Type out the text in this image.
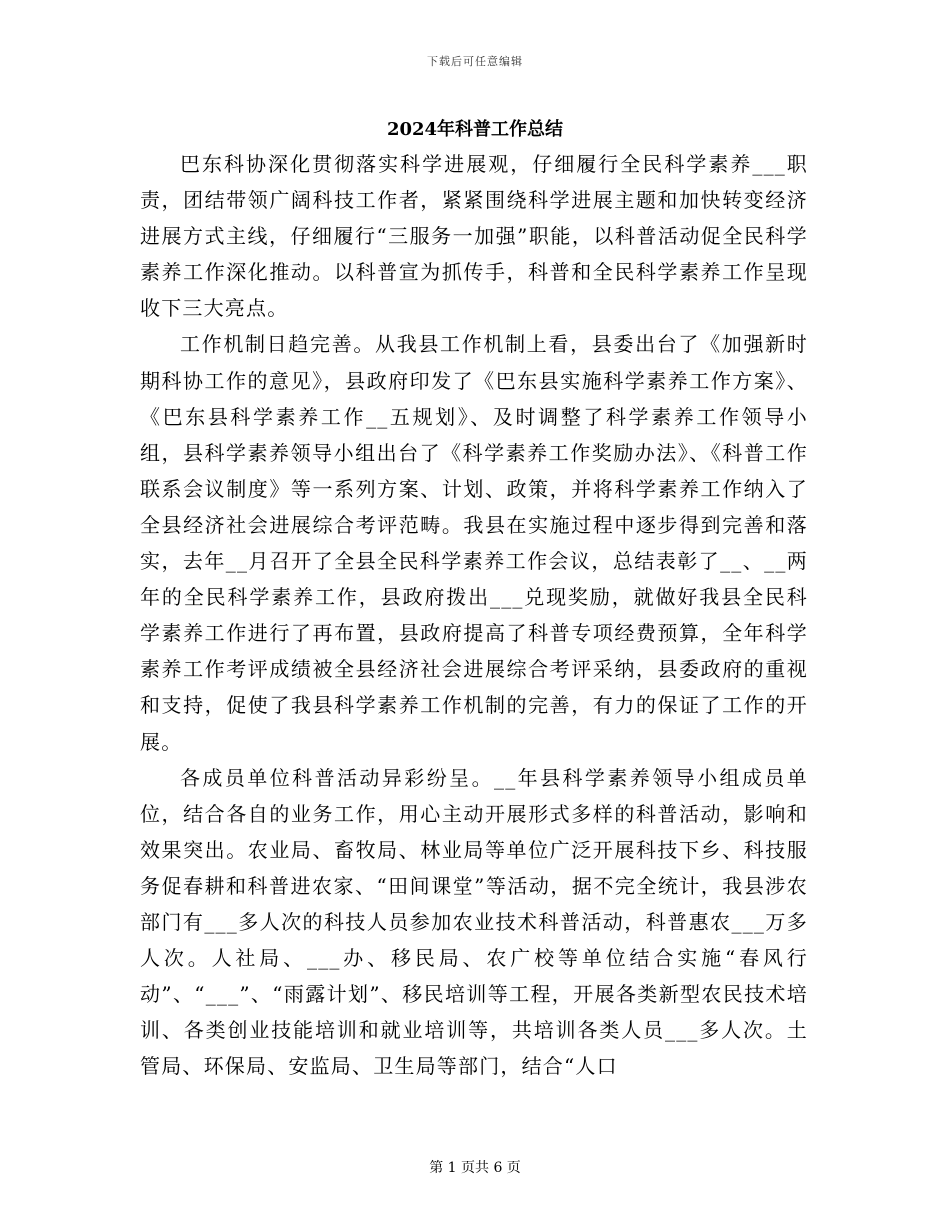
下载后可任意编辑
2024年科普工作总结

巴东科协深化贯彻落实科学进展观，仔细履行全民科学素养___职责，团结带领广阔科技工作者，紧紧围绕科学进展主题和加快转变经济进展方式主线，仔细履行“三服务一加强”职能，以科普活动促全民科学素养工作深化推动。以科普宣为抓传手，科普和全民科学素养工作呈现收下三大亮点。

工作机制日趋完善。从我县工作机制上看，县委出台了《加强新时期科协工作的意见》，县政府印发了《巴东县实施科学素养工作方案》、《巴东县科学素养工作__五规划》、及时调整了科学素养工作领导小组，县科学素养领导小组出台了《科学素养工作奖励办法》、《科普工作联系会议制度》等一系列方案、计划、政策，并将科学素养工作纳入了全县经济社会进展综合考评范畴。我县在实施过程中逐步得到完善和落实，去年__月召开了全县全民科学素养工作会议，总结表彰了__、__两年的全民科学素养工作，县政府拨出___兑现奖励，就做好我县全民科学素养工作进行了再布置，县政府提高了科普专项经费预算，全年科学素养工作考评成绩被全县经济社会进展综合考评采纳，县委政府的重视和支持，促使了我县科学素养工作机制的完善，有力的保证了工作的开展。

各成员单位科普活动异彩纷呈。__年县科学素养领导小组成员单位，结合各自的业务工作，用心主动开展形式多样的科普活动，影响和效果突出。农业局、畜牧局、林业局等单位广泛开展科技下乡、科技服务促春耕和科普进农家、“田间课堂”等活动，据不完全统计，我县涉农部门有___多人次的科技人员参加农业技术科普活动，科普惠农___万多人次。人社局、___办、移民局、农广校等单位结合实施“春风行动”、“___”、“雨露计划”、移民培训等工程，开展各类新型农民技术培训、各类创业技能培训和就业培训等，共培训各类人员___多人次。土管局、环保局、安监局、卫生局等部门，结合“人口

第 1 页共 6 页
